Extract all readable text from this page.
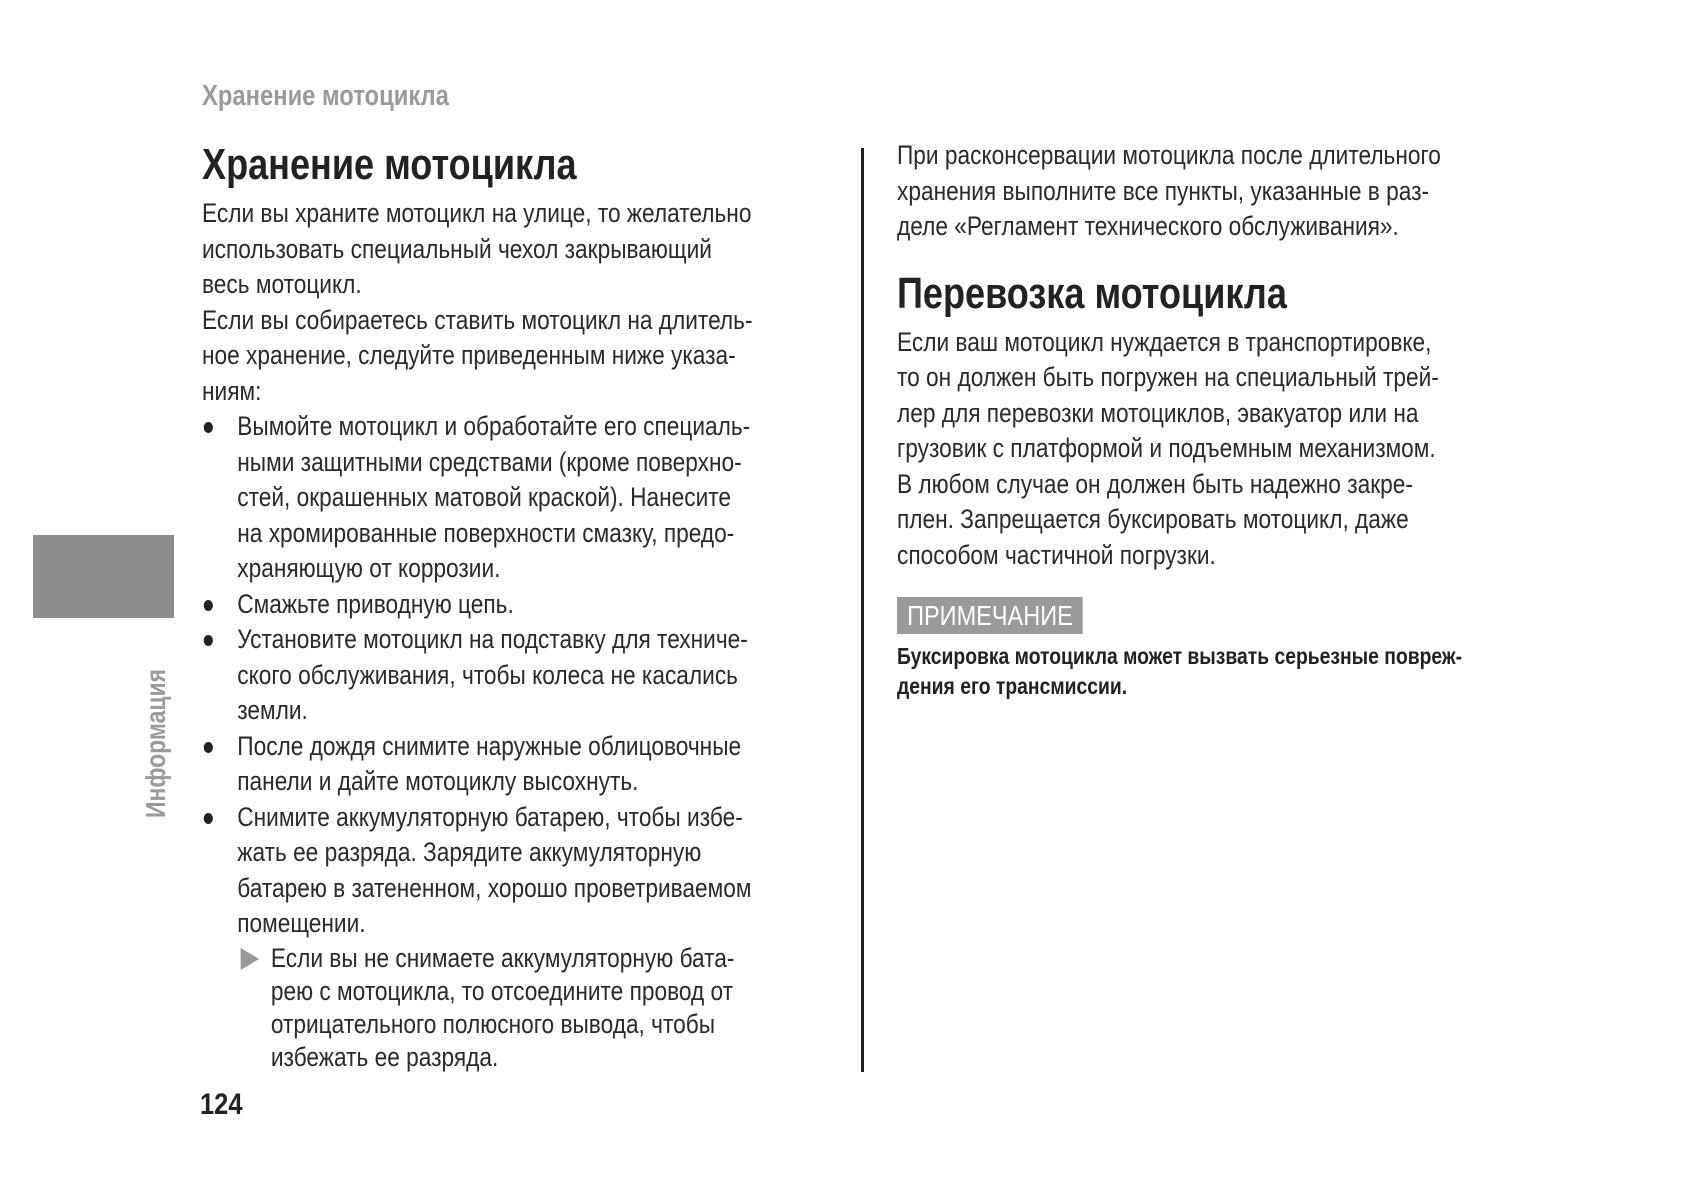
Хранение мотоцикла
Информация
Хранение мотоцикла
Если вы храните мотоцикл на улице, то желательно
использовать специальный чехол закрывающий
весь мотоцикл.
Если вы собираетесь ставить мотоцикл на длитель-
ное хранение, следуйте приведенным ниже указа-
ниям:
Вымойте мотоцикл и обработайте его специаль-
ными защитными средствами (кроме поверхно-
стей, окрашенных матовой краской). Нанесите
на хромированные поверхности смазку, предо-
храняющую от коррозии.
Смажьте приводную цепь.
Установите мотоцикл на подставку для техниче-
ского обслуживания, чтобы колеса не касались
земли.
После дождя снимите наружные облицовочные
панели и дайте мотоциклу высохнуть.
Снимите аккумуляторную батарею, чтобы избе-
жать ее разряда. Зарядите аккумуляторную
батарею в затененном, хорошо проветриваемом
помещении.
Если вы не снимаете аккумуляторную бата-
рею с мотоцикла, то отсоедините провод от
отрицательного полюсного вывода, чтобы
избежать ее разряда.
При расконсервации мотоцикла после длительного
хранения выполните все пункты, указанные в раз-
деле «Регламент технического обслуживания».
Перевозка мотоцикла
Если ваш мотоцикл нуждается в транспортировке,
то он должен быть погружен на специальный трей-
лер для перевозки мотоциклов, эвакуатор или на
грузовик с платформой и подъемным механизмом.
В любом случае он должен быть надежно закре-
плен. Запрещается буксировать мотоцикл, даже
способом частичной погрузки.
ПРИМЕЧАНИЕ
Буксировка мотоцикла может вызвать серьезные повреж-
дения его трансмиссии.
124
